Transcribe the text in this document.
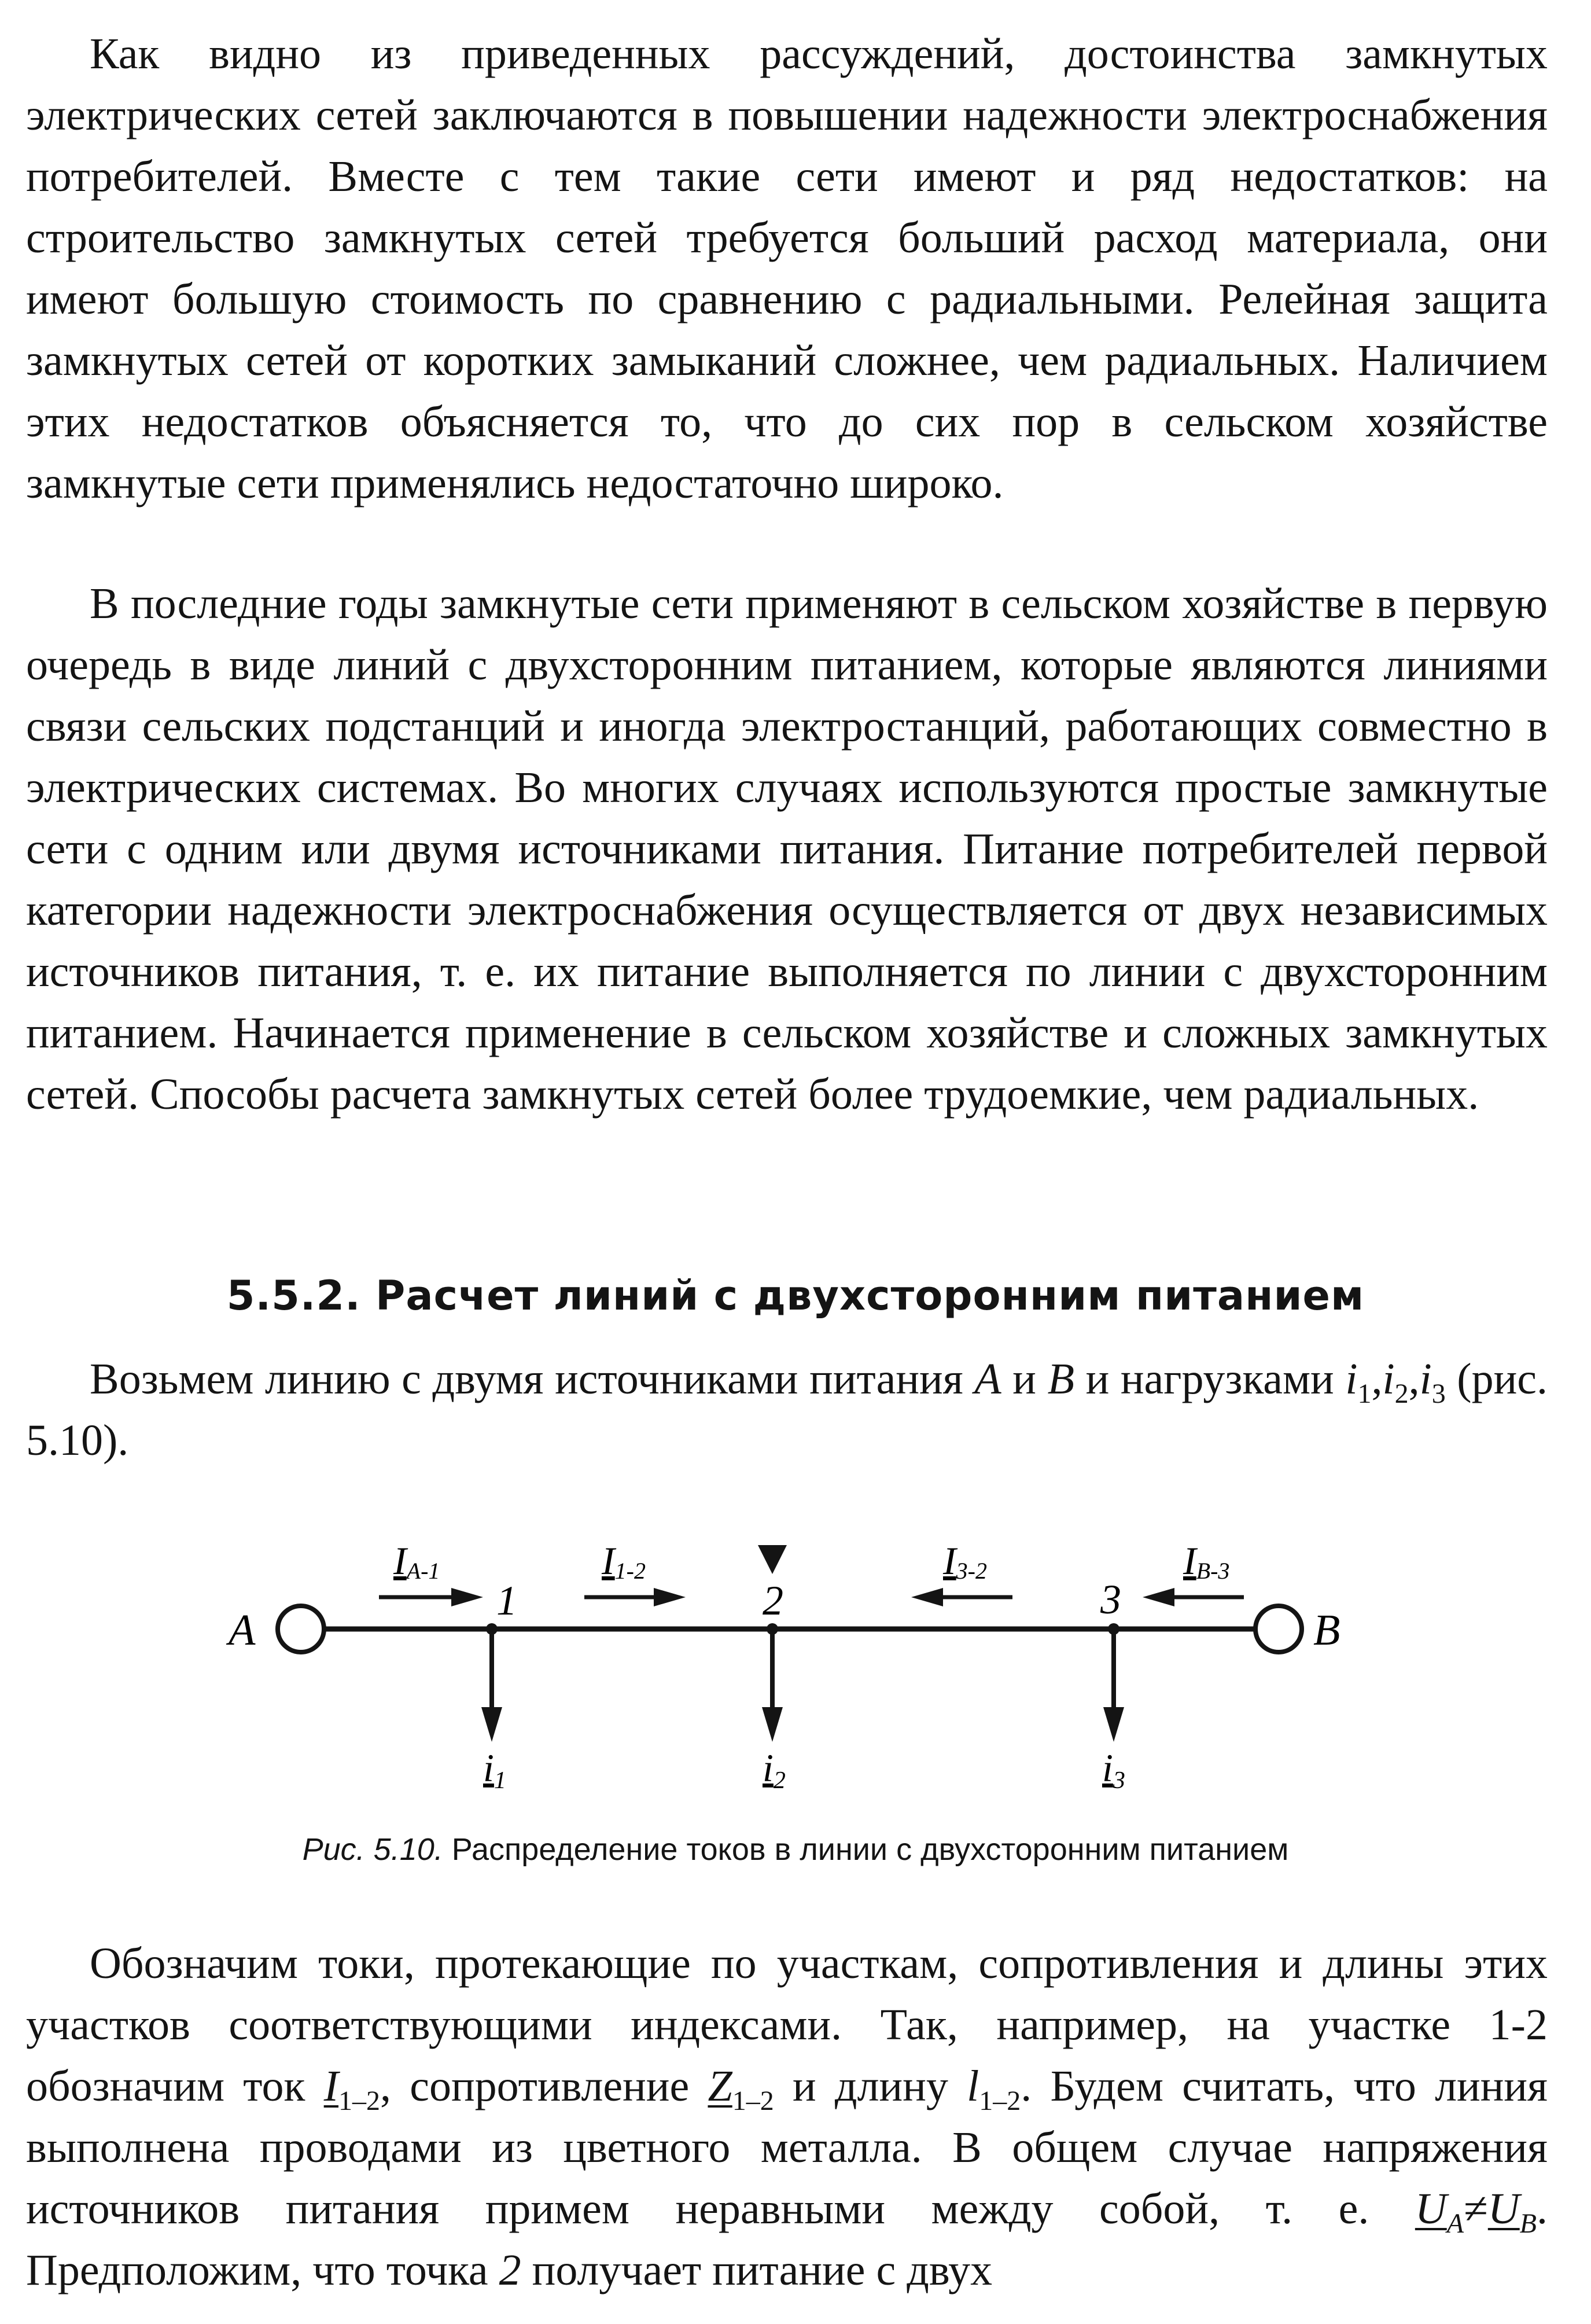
Как видно из приведенных рассуждений, достоинства замкнутых электрических сетей заключаются в повышении надежности электроснабжения потребителей. Вместе с тем такие сети имеют и ряд недостатков: на строительство замкнутых сетей требуется больший расход материала, они имеют большую стоимость по сравнению с радиальными. Релейная защита замкнутых сетей от коротких замыканий сложнее, чем радиальных. Наличием этих недостатков объясняется то, что до сих пор в сельском хозяйстве замкнутые сети применялись недостаточно широко.

В последние годы замкнутые сети применяют в сельском хозяйстве в первую очередь в виде линий с двухсторонним питанием, которые являются линиями связи сельских подстанций и иногда электростанций, работающих совместно в электрических системах. Во многих случаях используются простые замкнутые сети с одним или двумя источниками питания. Питание потребителей первой категории надежности электроснабжения осуществляется от двух независимых источников питания, т. е. их питание выполняется по линии с двухсторонним питанием. Начинается применение в сельском хозяйстве и сложных замкнутых сетей. Способы расчета замкнутых сетей более трудоемкие, чем радиальных.

5.5.2. Расчет линий с двухсторонним питанием

Возьмем линию с двумя источниками питания A и B и нагрузками $i_1,i_2,i_3$ (рис. 5.10).

A	B
1	2	3
i1	i2	i3
IA-1	I1-2	I3-2	IB-3

Рис. 5.10. Распределение токов в линии с двухсторонним питанием

Обозначим токи, протекающие по участкам, сопротивления и длины этих участков соответствующими индексами. Так, например, на участке 1-2 обозначим ток $I_{1-2}$, сопротивление $Z_{1-2}$ и длину $l_{1-2}$. Будем считать, что линия выполнена проводами из цветного металла. В общем случае напряжения источников питания примем неравными между собой, т. е. $U_A\ne U_B$. Предположим, что точка 2 получает питание с двух
